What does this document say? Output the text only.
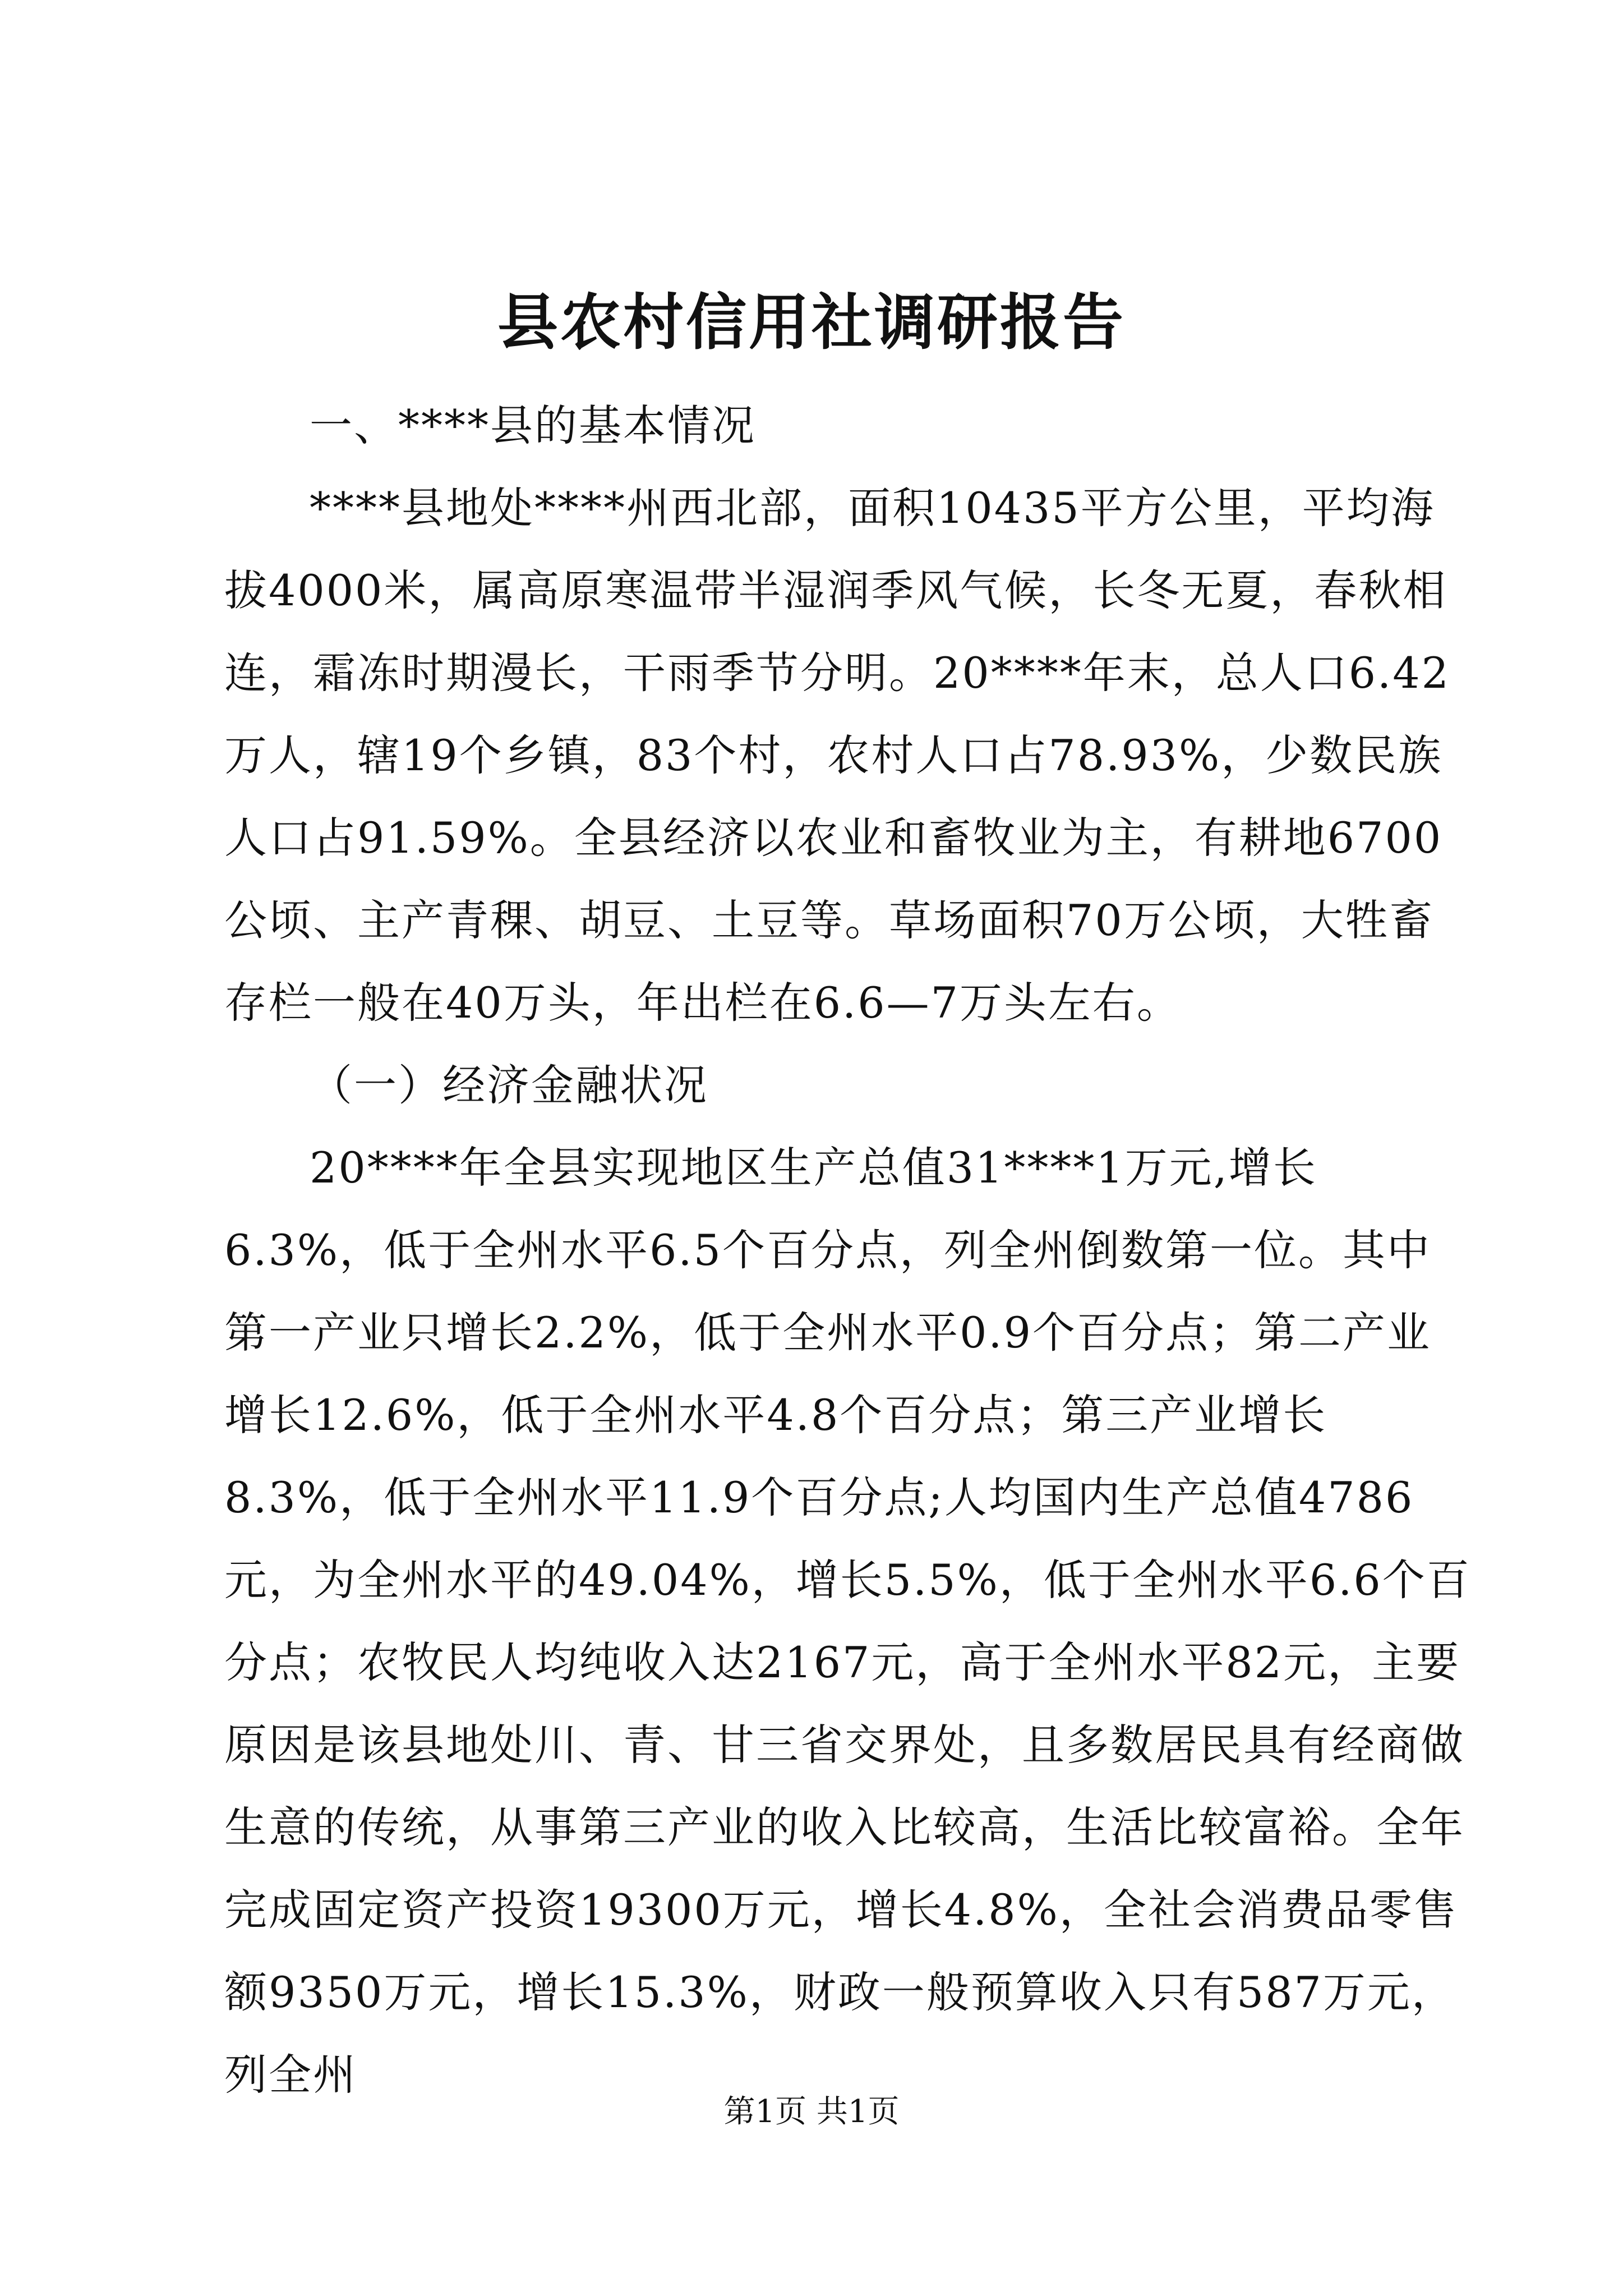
县农村信用社调研报告

一、****县的基本情况

****县地处****州西北部，面积10435平方公里，平均海拔4000米，属高原寒温带半湿润季风气候，长冬无夏，春秋相连，霜冻时期漫长，干雨季节分明。20****年末，总人口6.42万人，辖19个乡镇，83个村，农村人口占78.93%，少数民族人口占91.59%。全县经济以农业和畜牧业为主，有耕地6700公顷、主产青稞、胡豆、土豆等。草场面积70万公顷，大牲畜存栏一般在40万头，年出栏在6.6—7万头左右。

（一）经济金融状况

20****年全县实现地区生产总值31****1万元,增长6.3%，低于全州水平6.5个百分点，列全州倒数第一位。其中第一产业只增长2.2%，低于全州水平0.9个百分点；第二产业增长12.6%，低于全州水平4.8个百分点；第三产业增长8.3%，低于全州水平11.9个百分点;人均国内生产总值4786元，为全州水平的49.04%，增长5.5%，低于全州水平6.6个百分点；农牧民人均纯收入达2167元，高于全州水平82元，主要原因是该县地处川、青、甘三省交界处，且多数居民具有经商做生意的传统，从事第三产业的收入比较高，生活比较富裕。全年完成固定资产投资19300万元，增长4.8%，全社会消费品零售额9350万元，增长15.3%，财政一般预算收入只有587万元，列全州

第1页 共1页
